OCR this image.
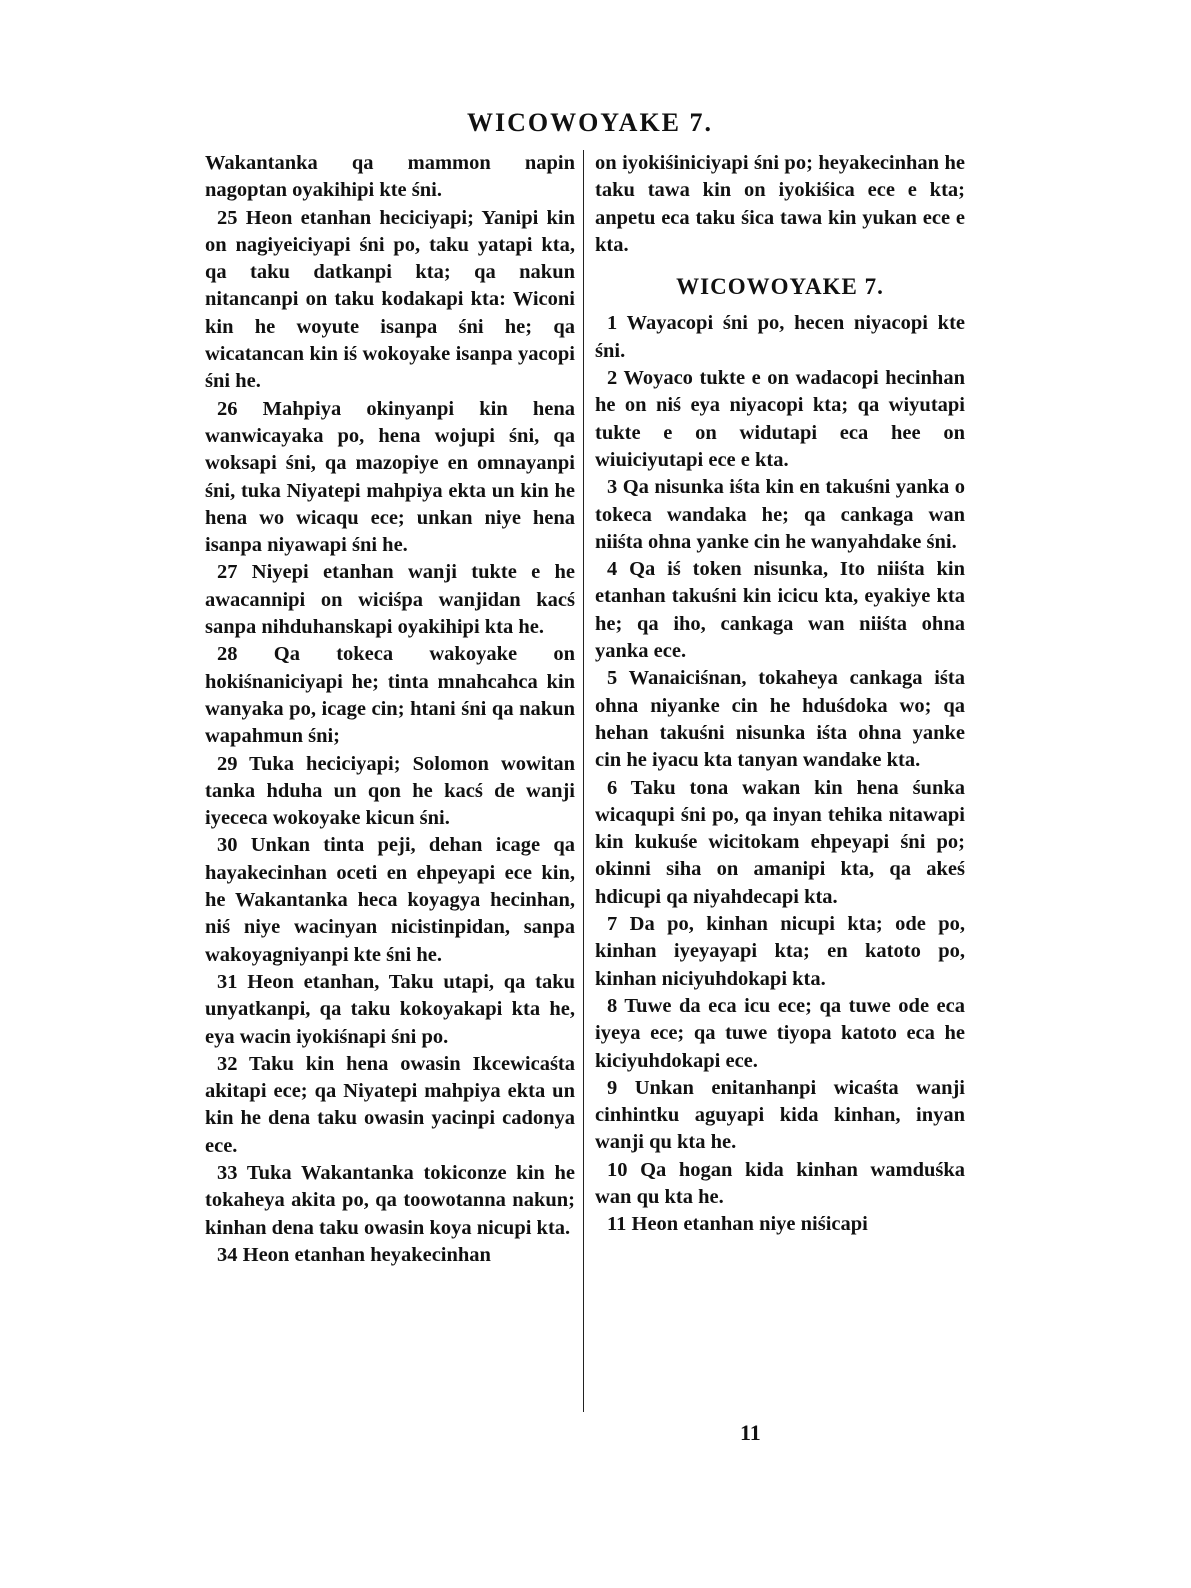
WICOWOYAKE 7.

Wakantanka qa mammon napin nagoptan oyakihipi kte śni.

25 Heon etanhan heciciyapi; Yanipi kin on nagiyeiciyapi śni po, taku yatapi kta, qa taku datkanpi kta; qa nakun nitancanpi on taku kodakapi kta: Wiconi kin he woyute isanpa śni he; qa wicatancan kin iś wokoyake isanpa yacopi śni he.

26 Mahpiya okinyanpi kin hena wanwicayaka po, hena wojupi śni, qa woksapi śni, qa mazopiye en omnayanpi śni, tuka Niyatepi mahpiya ekta un kin he hena wo wicaqu ece; unkan niye hena isanpa niyawapi śni he.

27 Niyepi etanhan wanji tukte e he awacannipi on wiciśpa wanjidan kacś sanpa nihduhanskapi oyakihipi kta he.

28 Qa tokeca wakoyake on hokiśnaniciyapi he; tinta mnahcahca kin wanyaka po, icage cin; htani śni qa nakun wapahmun śni;

29 Tuka heciciyapi; Solomon wowitan tanka hduha un qon he kacś de wanji iyececa wokoyake kicun śni.

30 Unkan tinta peji, dehan icage qa hayakecinhan oceti en ehpeyapi ece kin, he Wakantanka heca koyagya hecinhan, niś niye wacinyan nicistinpidan, sanpa wakoyagniyanpi kte śni he.

31 Heon etanhan, Taku utapi, qa taku unyatkanpi, qa taku kokoyakapi kta he, eya wacin iyokiśnapi śni po.

32 Taku kin hena owasin Ikcewicaśta akitapi ece; qa Niyatepi mahpiya ekta un kin he dena taku owasin yacinpi cadonya ece.

33 Tuka Wakantanka tokiconze kin he tokaheya akita po, qa toowotanna nakun; kinhan dena taku owasin koya nicupi kta.

34 Heon etanhan heyakecinhan

on iyokiśiniciyapi śni po; heyakecinhan he taku tawa kin on iyokiśica ece e kta; anpetu eca taku śica tawa kin yukan ece e kta.

WICOWOYAKE 7.

1 Wayacopi śni po, hecen niyacopi kte śni.

2 Woyaco tukte e on wadacopi hecinhan he on niś eya niyacopi kta; qa wiyutapi tukte e on widutapi eca hee on wiuiciyutapi ece e kta.

3 Qa nisunka iśta kin en takuśni yanka o tokeca wandaka he; qa cankaga wan niiśta ohna yanke cin he wanyahdake śni.

4 Qa iś token nisunka, Ito niiśta kin etanhan takuśni kin icicu kta, eyakiye kta he; qa iho, cankaga wan niiśta ohna yanka ece.

5 Wanaiciśnan, tokaheya cankaga iśta ohna niyanke cin he hduśdoka wo; qa hehan takuśni nisunka iśta ohna yanke cin he iyacu kta tanyan wandake kta.

6 Taku tona wakan kin hena śunka wicaqupi śni po, qa inyan tehika nitawapi kin kukuśe wicitokam ehpeyapi śni po; okinni siha on amanipi kta, qa akeś hdicupi qa niyahdecapi kta.

7 Da po, kinhan nicupi kta; ode po, kinhan iyeyayapi kta; en katoto po, kinhan niciyuhdokapi kta.

8 Tuwe da eca icu ece; qa tuwe ode eca iyeya ece; qa tuwe tiyopa katoto eca he kiciyuhdokapi ece.

9 Unkan enitanhanpi wicaśta wanji cinhintku aguyapi kida kinhan, inyan wanji qu kta he.

10 Qa hogan kida kinhan wamduśka wan qu kta he.

11 Heon etanhan niye niśicapi

11
